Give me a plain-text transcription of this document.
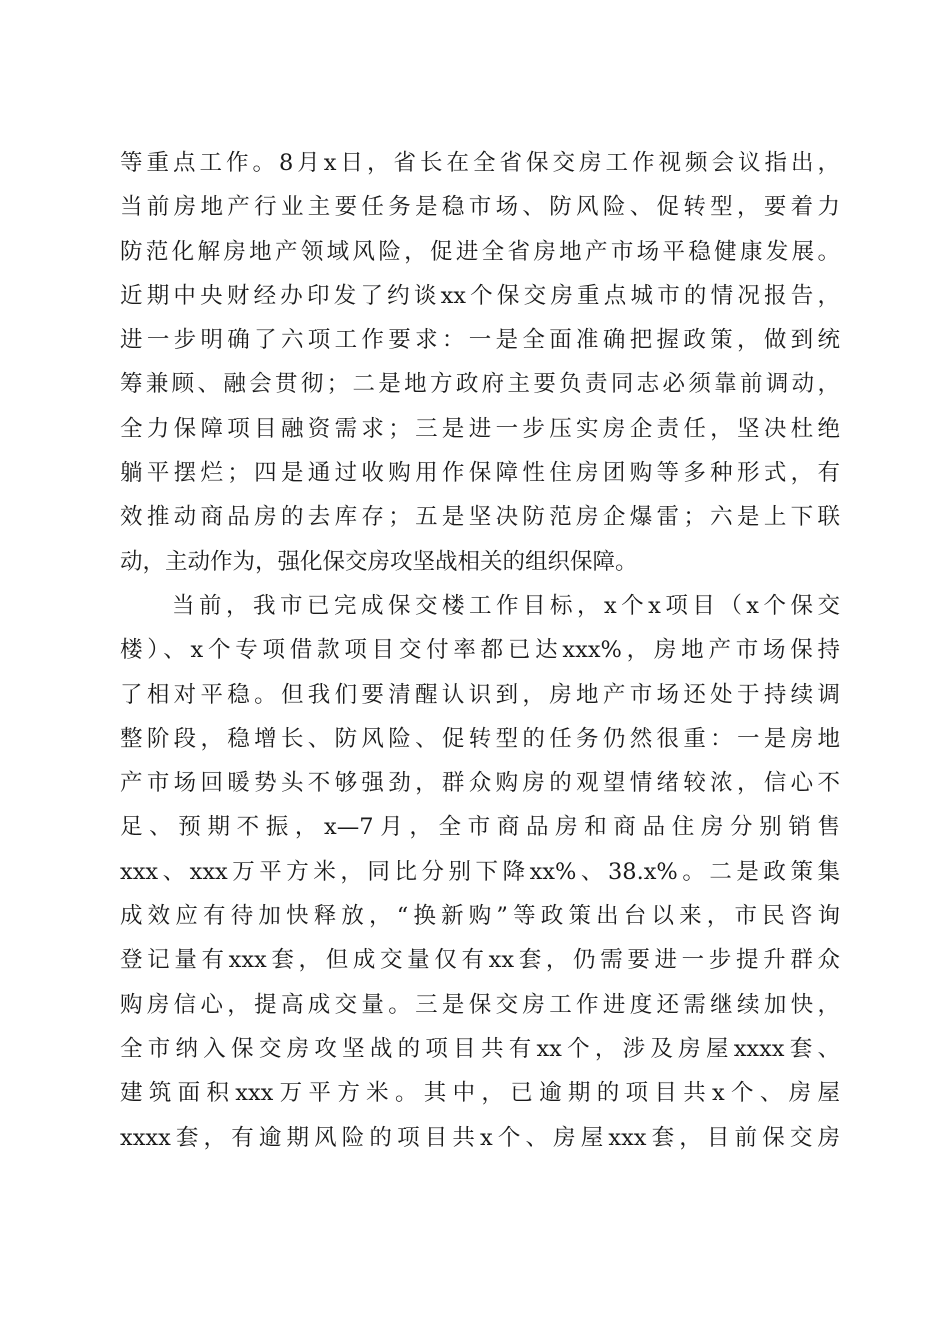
等重点工作。8月x日，省长在全省保交房工作视频会议指出，
当前房地产行业主要任务是稳市场、防风险、促转型，要着力
防范化解房地产领域风险，促进全省房地产市场平稳健康发展。
近期中央财经办印发了约谈xx个保交房重点城市的情况报告，
进一步明确了六项工作要求：一是全面准确把握政策，做到统
筹兼顾、融会贯彻；二是地方政府主要负责同志必须靠前调动，
全力保障项目融资需求；三是进一步压实房企责任，坚决杜绝
躺平摆烂；四是通过收购用作保障性住房团购等多种形式，有
效推动商品房的去库存；五是坚决防范房企爆雷；六是上下联
动，主动作为，强化保交房攻坚战相关的组织保障。
当前，我市已完成保交楼工作目标，x个x项目（x个保交
楼）、x个专项借款项目交付率都已达xxx%，房地产市场保持
了相对平稳。但我们要清醒认识到，房地产市场还处于持续调
整阶段，稳增长、防风险、促转型的任务仍然很重：一是房地
产市场回暖势头不够强劲，群众购房的观望情绪较浓，信心不
足、预期不振，x—7月，全市商品房和商品住房分别销售
xxx、xxx万平方米，同比分别下降xx%、38.x%。二是政策集
成效应有待加快释放，“换新购”等政策出台以来，市民咨询
登记量有xxx套，但成交量仅有xx套，仍需要进一步提升群众
购房信心，提高成交量。三是保交房工作进度还需继续加快，
全市纳入保交房攻坚战的项目共有xx个，涉及房屋xxxx套、
建筑面积xxx万平方米。其中，已逾期的项目共x个、房屋
xxxx套，有逾期风险的项目共x个、房屋xxx套，目前保交房
